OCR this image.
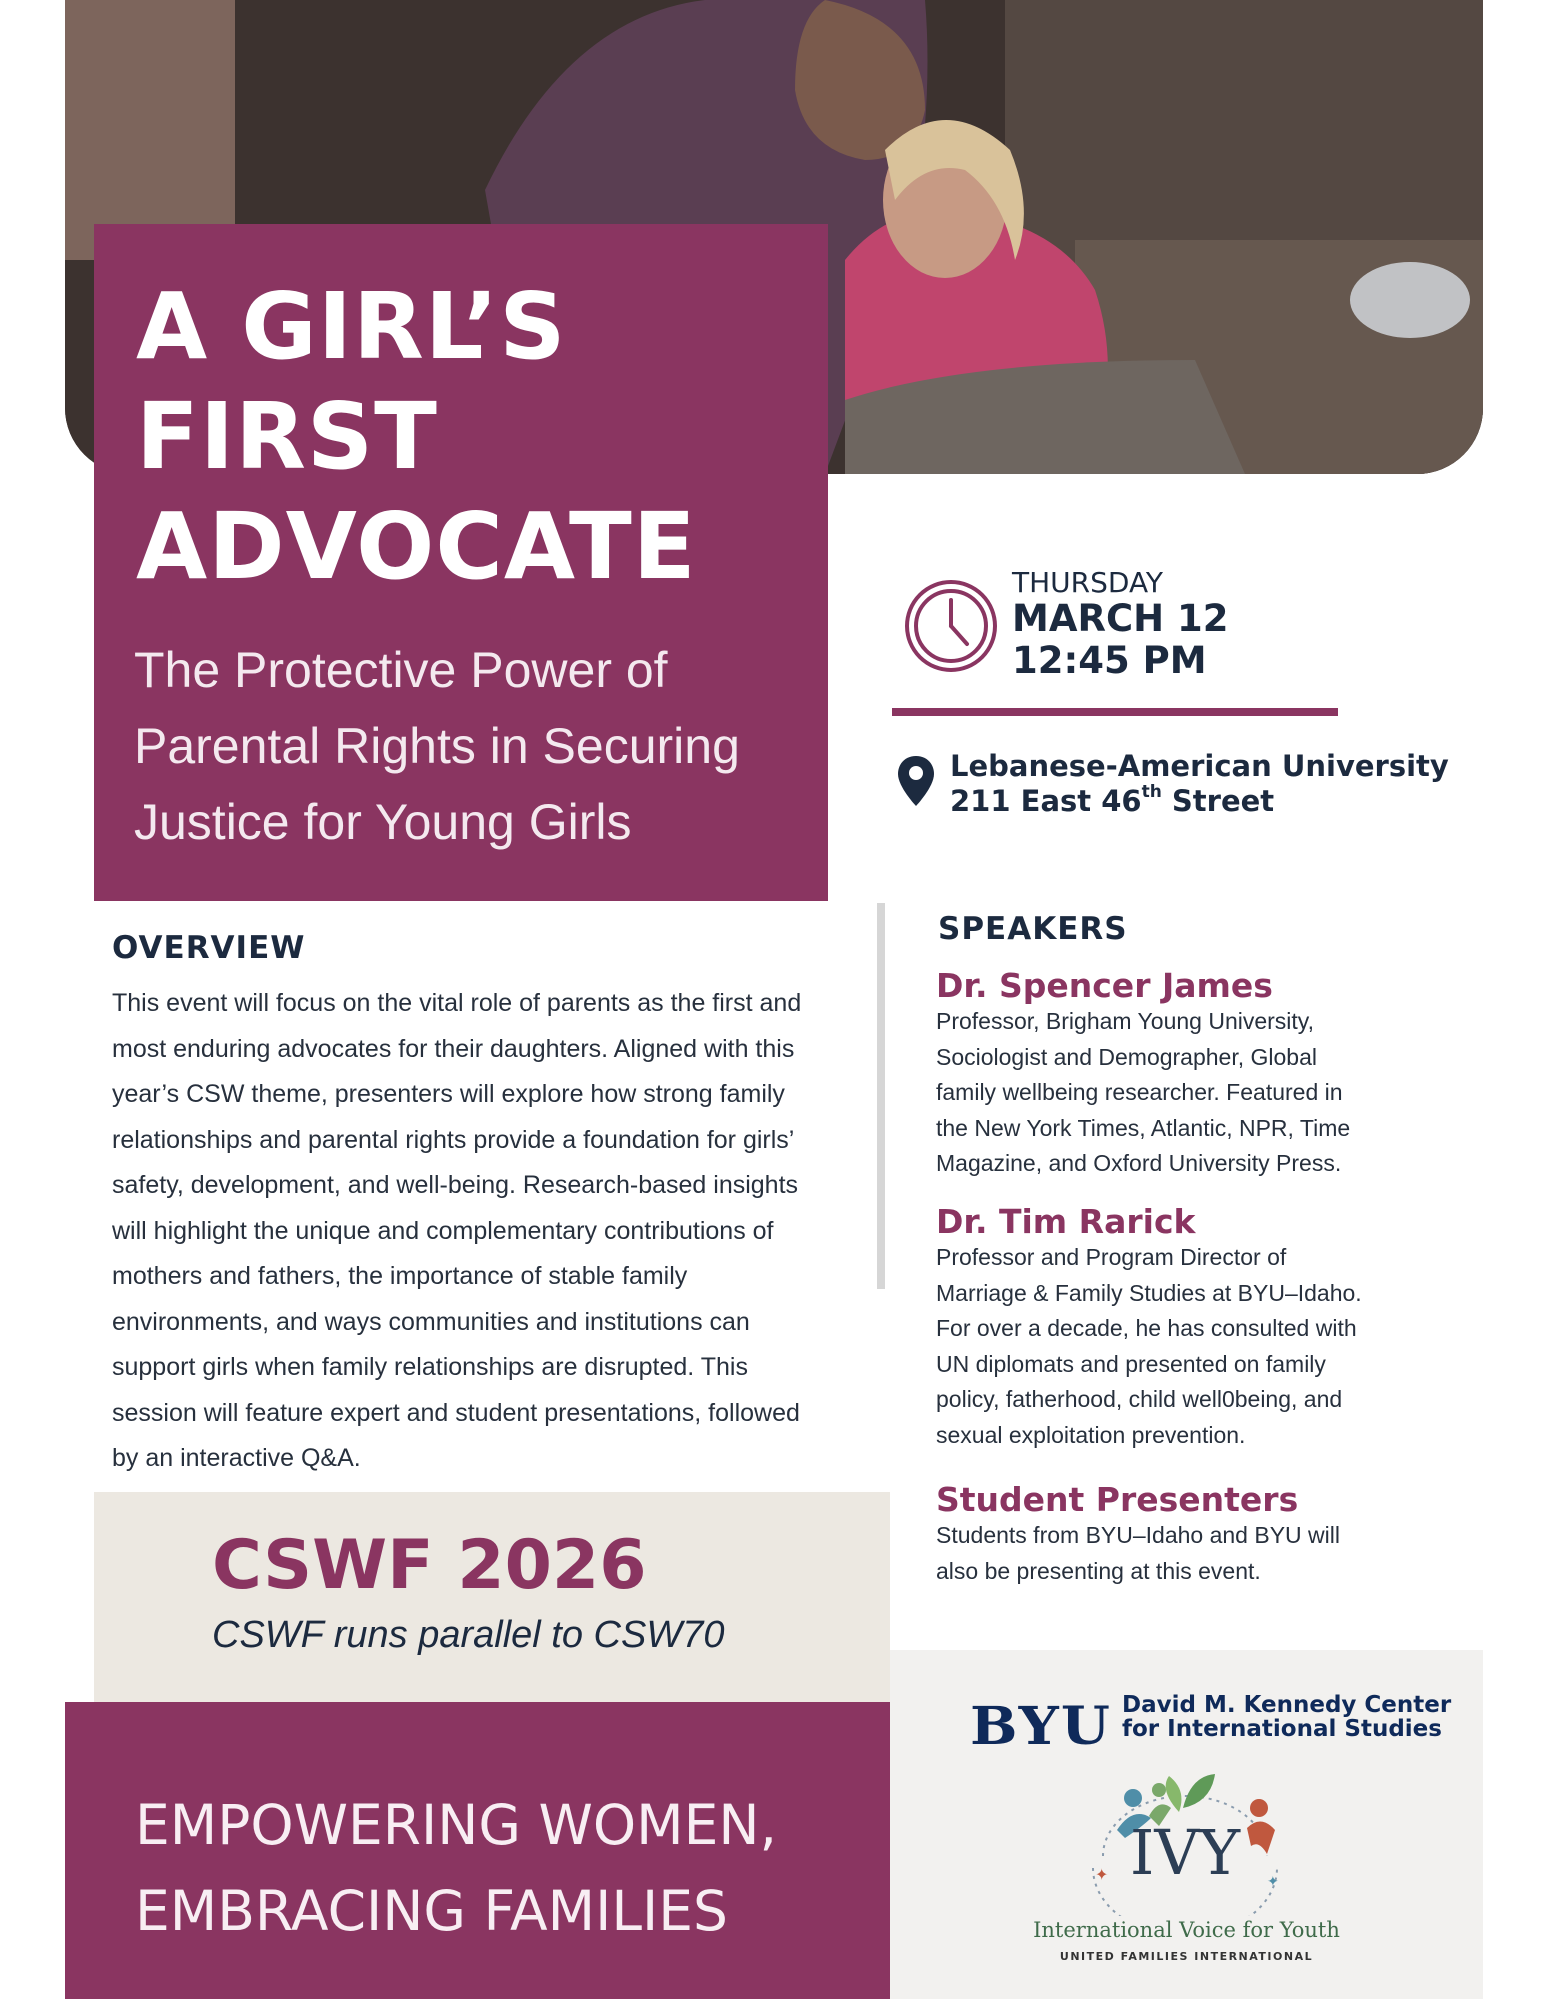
A GIRL’S
FIRST
ADVOCATE

The Protective Power of
Parental Rights in Securing
Justice for Young Girls

THURSDAY
MARCH 12
12:45 PM
Lebanese-American University
211 East 46th Street
OVERVIEW

This event will focus on the vital role of parents as the first and
most enduring advocates for their daughters. Aligned with this
year’s CSW theme, presenters will explore how strong family
relationships and parental rights provide a foundation for girls’
safety, development, and well-being. Research-based insights
will highlight the unique and complementary contributions of
mothers and fathers, the importance of stable family
environments, and ways communities and institutions can
support girls when family relationships are disrupted. This
session will feature expert and student presentations, followed
by an interactive Q&A.

SPEAKERS
Dr. Spencer James

Professor, Brigham Young University,
Sociologist and Demographer, Global
family wellbeing researcher. Featured in
the New York Times, Atlantic, NPR, Time
Magazine, and Oxford University Press.

Dr. Tim Rarick

Professor and Program Director of
Marriage & Family Studies at BYU–Idaho.
For over a decade, he has consulted with
UN diplomats and presented on family
policy, fatherhood, child well0being, and
sexual exploitation prevention.

Student Presenters

Students from BYU–Idaho and BYU will
also be presenting at this event.

CSWF 2026
CSWF runs parallel to CSW70

EMPOWERING WOMEN,
EMBRACING FAMILIES

BYU David M. Kennedy Center
for International Studies
IVY
✦	✦
International Voice for Youth
UNITED FAMILIES INTERNATIONAL
